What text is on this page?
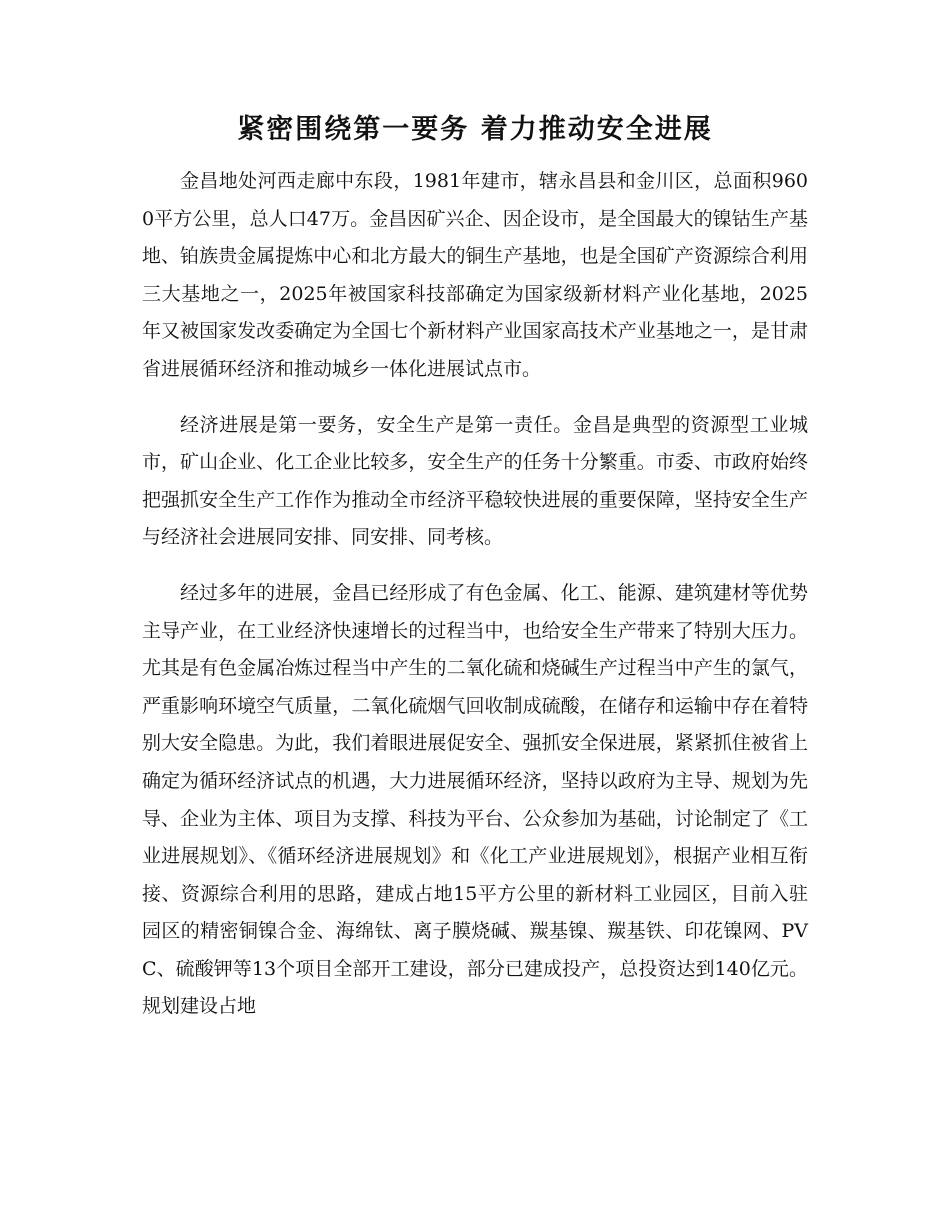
紧密围绕第一要务 着力推动安全进展

金昌地处河西走廊中东段，1981年建市，辖永昌县和金川区，总面积9600平方公里，总人口47万。金昌因矿兴企、因企设市，是全国最大的镍钴生产基地、铂族贵金属提炼中心和北方最大的铜生产基地，也是全国矿产资源综合利用三大基地之一，2025年被国家科技部确定为国家级新材料产业化基地，2025年又被国家发改委确定为全国七个新材料产业国家高技术产业基地之一，是甘肃省进展循环经济和推动城乡一体化进展试点市。

经济进展是第一要务，安全生产是第一责任。金昌是典型的资源型工业城市，矿山企业、化工企业比较多，安全生产的任务十分繁重。市委、市政府始终把强抓安全生产工作作为推动全市经济平稳较快进展的重要保障，坚持安全生产与经济社会进展同安排、同安排、同考核。

经过多年的进展，金昌已经形成了有色金属、化工、能源、建筑建材等优势主导产业，在工业经济快速增长的过程当中，也给安全生产带来了特别大压力。尤其是有色金属冶炼过程当中产生的二氧化硫和烧碱生产过程当中产生的氯气，严重影响环境空气质量，二氧化硫烟气回收制成硫酸，在储存和运输中存在着特别大安全隐患。为此，我们着眼进展促安全、强抓安全保进展，紧紧抓住被省上确定为循环经济试点的机遇，大力进展循环经济，坚持以政府为主导、规划为先导、企业为主体、项目为支撑、科技为平台、公众参加为基础，讨论制定了《工业进展规划》、《循环经济进展规划》和《化工产业进展规划》，根据产业相互衔接、资源综合利用的思路，建成占地15平方公里的新材料工业园区，目前入驻园区的精密铜镍合金、海绵钛、离子膜烧碱、羰基镍、羰基铁、印花镍网、PVC、硫酸钾等13个项目全部开工建设，部分已建成投产，总投资达到140亿元。规划建设占地
